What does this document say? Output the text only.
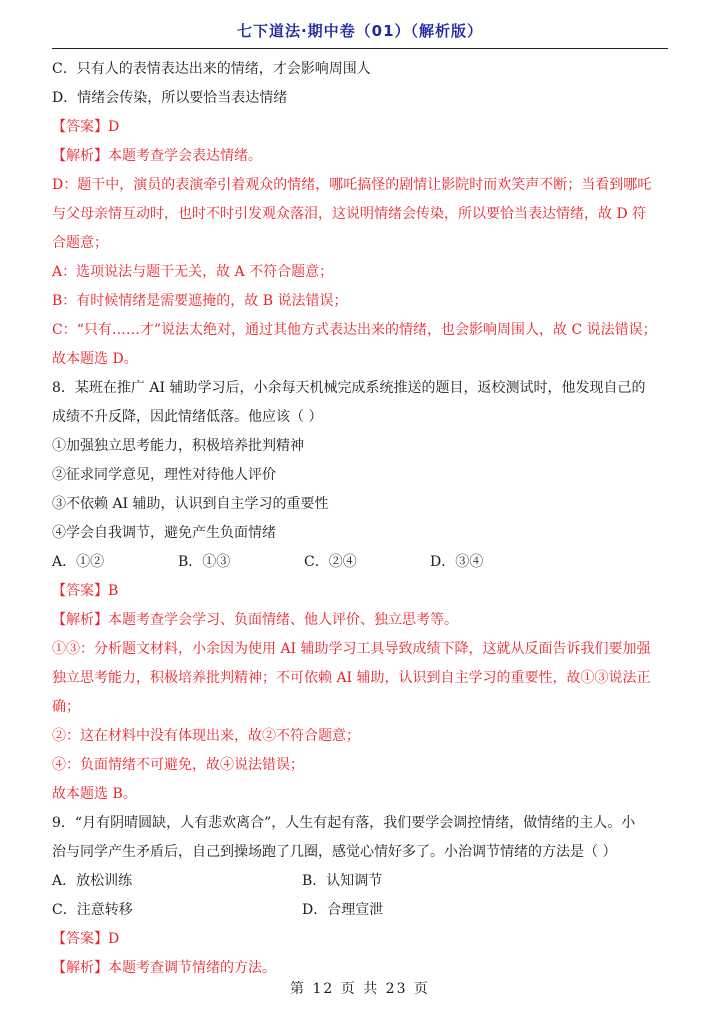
七下道法·期中卷（01）（解析版）
C．只有人的表情表达出来的情绪，才会影响周围人
D．情绪会传染，所以要恰当表达情绪
【答案】D
【解析】本题考查学会表达情绪。
D：题干中，演员的表演牵引着观众的情绪，哪吒搞怪的剧情让影院时而欢笑声不断；当看到哪吒
与父母亲情互动时，也时不时引发观众落泪，这说明情绪会传染，所以要恰当表达情绪，故 D 符
合题意；
A：选项说法与题干无关，故 A 不符合题意；
B：有时候情绪是需要遮掩的，故 B 说法错误；
C：“只有……才”说法太绝对，通过其他方式表达出来的情绪，也会影响周围人，故 C 说法错误；
故本题选 D。
8．某班在推广 AI 辅助学习后，小余每天机械完成系统推送的题目，返校测试时，他发现自己的
成绩不升反降，因此情绪低落。他应该（ ）
①加强独立思考能力，积极培养批判精神
②征求同学意见，理性对待他人评价
③不依赖 AI 辅助，认识到自主学习的重要性
④学会自我调节，避免产生负面情绪
A．①②	B．①③	C．②④	D．③④
【答案】B
【解析】本题考查学会学习、负面情绪、他人评价、独立思考等。
①③：分析题文材料，小余因为使用 AI 辅助学习工具导致成绩下降，这就从反面告诉我们要加强
独立思考能力，积极培养批判精神；不可依赖 AI 辅助，认识到自主学习的重要性，故①③说法正
确；
②：这在材料中没有体现出来，故②不符合题意；
④：负面情绪不可避免，故④说法错误；
故本题选 B。
9．“月有阴晴圆缺，人有悲欢离合”，人生有起有落，我们要学会调控情绪，做情绪的主人。小
治与同学产生矛盾后，自己到操场跑了几圈，感觉心情好多了。小治调节情绪的方法是（ ）
A．放松训练	B．认知调节
C．注意转移	D．合理宣泄
【答案】D
【解析】本题考查调节情绪的方法。
第 12 页 共 23 页
